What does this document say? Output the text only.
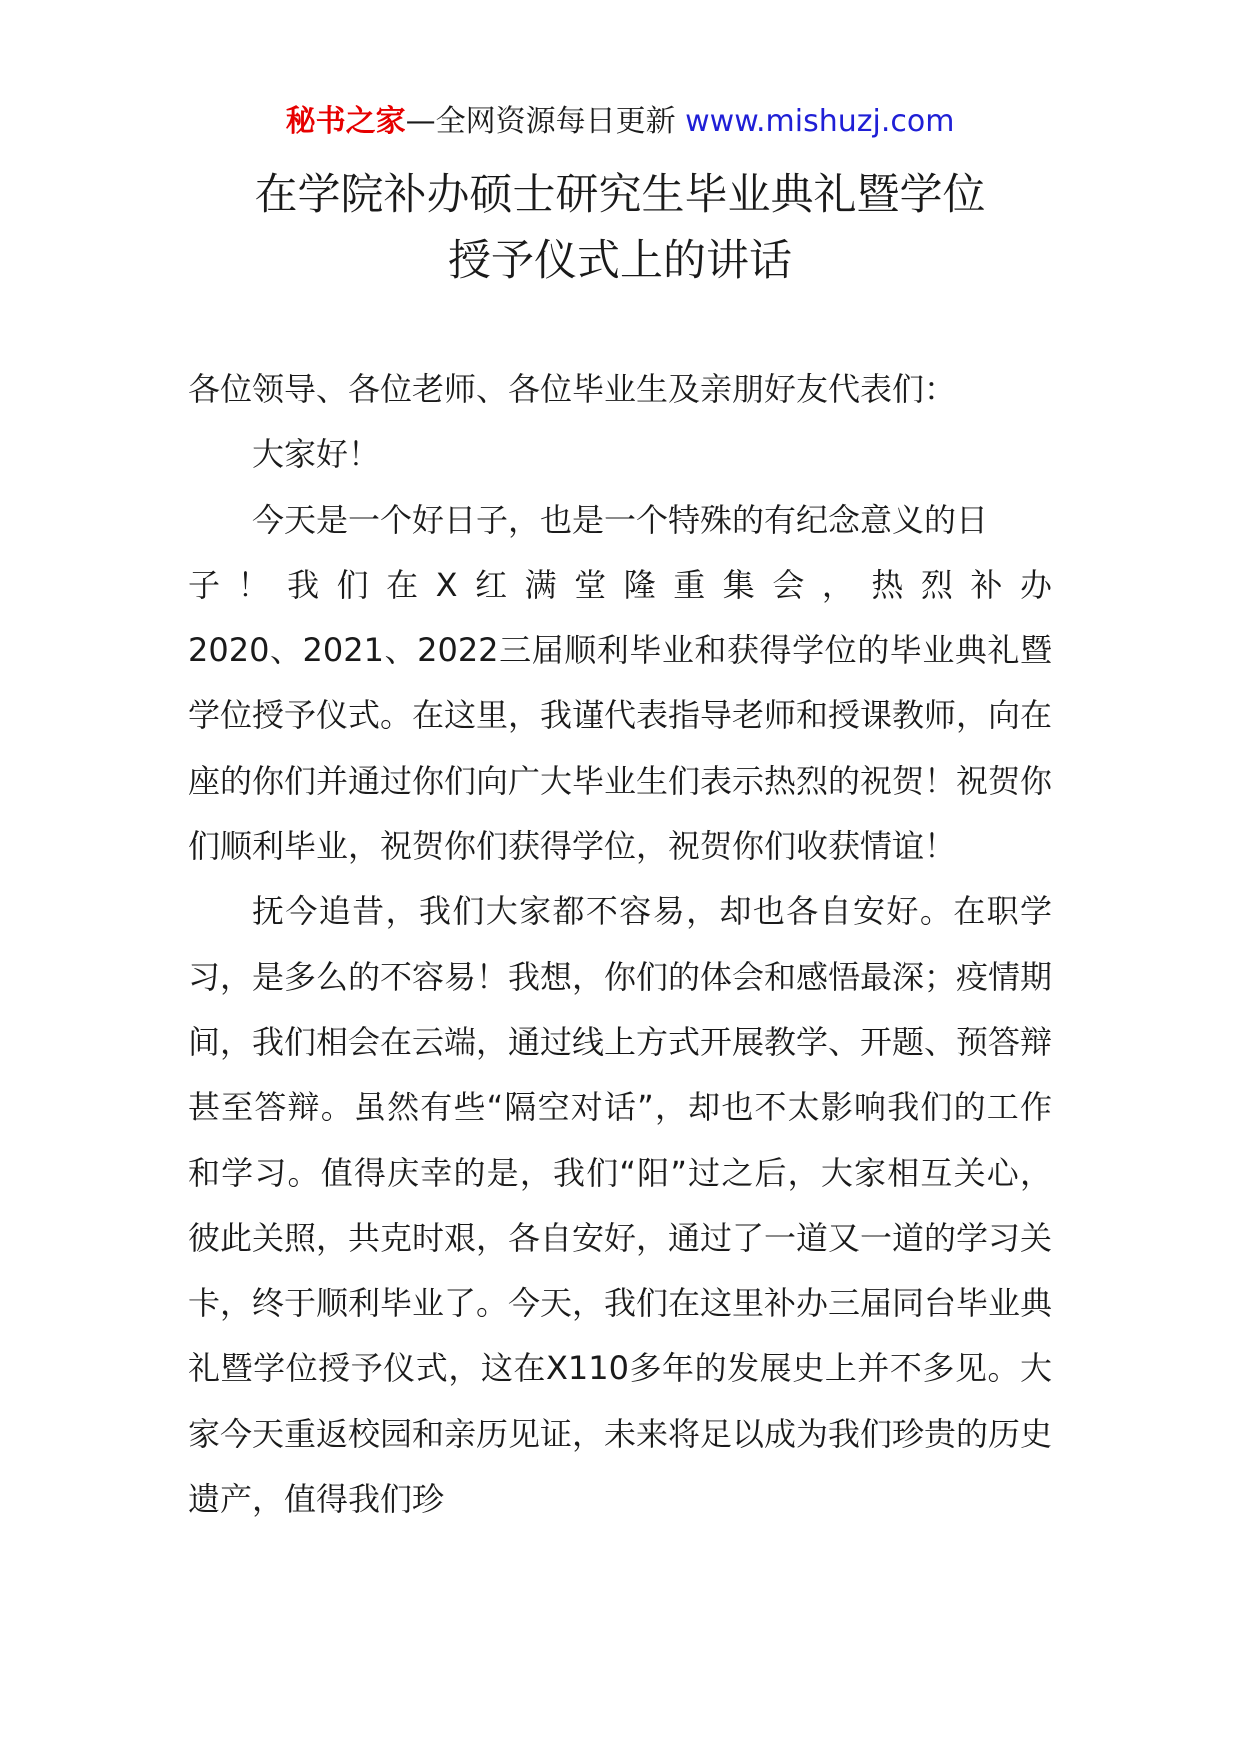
秘书之家—全网资源每日更新 www.mishuzj.com
在学院补办硕士研究生毕业典礼暨学位
授予仪式上的讲话

各位领导、各位老师、各位毕业生及亲朋好友代表们：

大家好！

今天是一个好日子，也是一个特殊的有纪念意义的日

子！我们在X红满堂隆重集会，热烈补办

2020、2021、2022三届顺利毕业和获得学位的毕业典礼暨学位授予仪式。在这里，我谨代表指导老师和授课教师，向在座的你们并通过你们向广大毕业生们表示热烈的祝贺！祝贺你们顺利毕业，祝贺你们获得学位，祝贺你们收获情谊！

抚今追昔，我们大家都不容易，却也各自安好。在职学习，是多么的不容易！我想，你们的体会和感悟最深；疫情期间，我们相会在云端，通过线上方式开展教学、开题、预答辩甚至答辩。虽然有些“隔空对话”，却也不太影响我们的工作和学习。值得庆幸的是，我们“阳”过之后，大家相互关心，彼此关照，共克时艰，各自安好，通过了一道又一道的学习关卡，终于顺利毕业了。今天，我们在这里补办三届同台毕业典礼暨学位授予仪式，这在X110多年的发展史上并不多见。大家今天重返校园和亲历见证，未来将足以成为我们珍贵的历史遗产，值得我们珍
